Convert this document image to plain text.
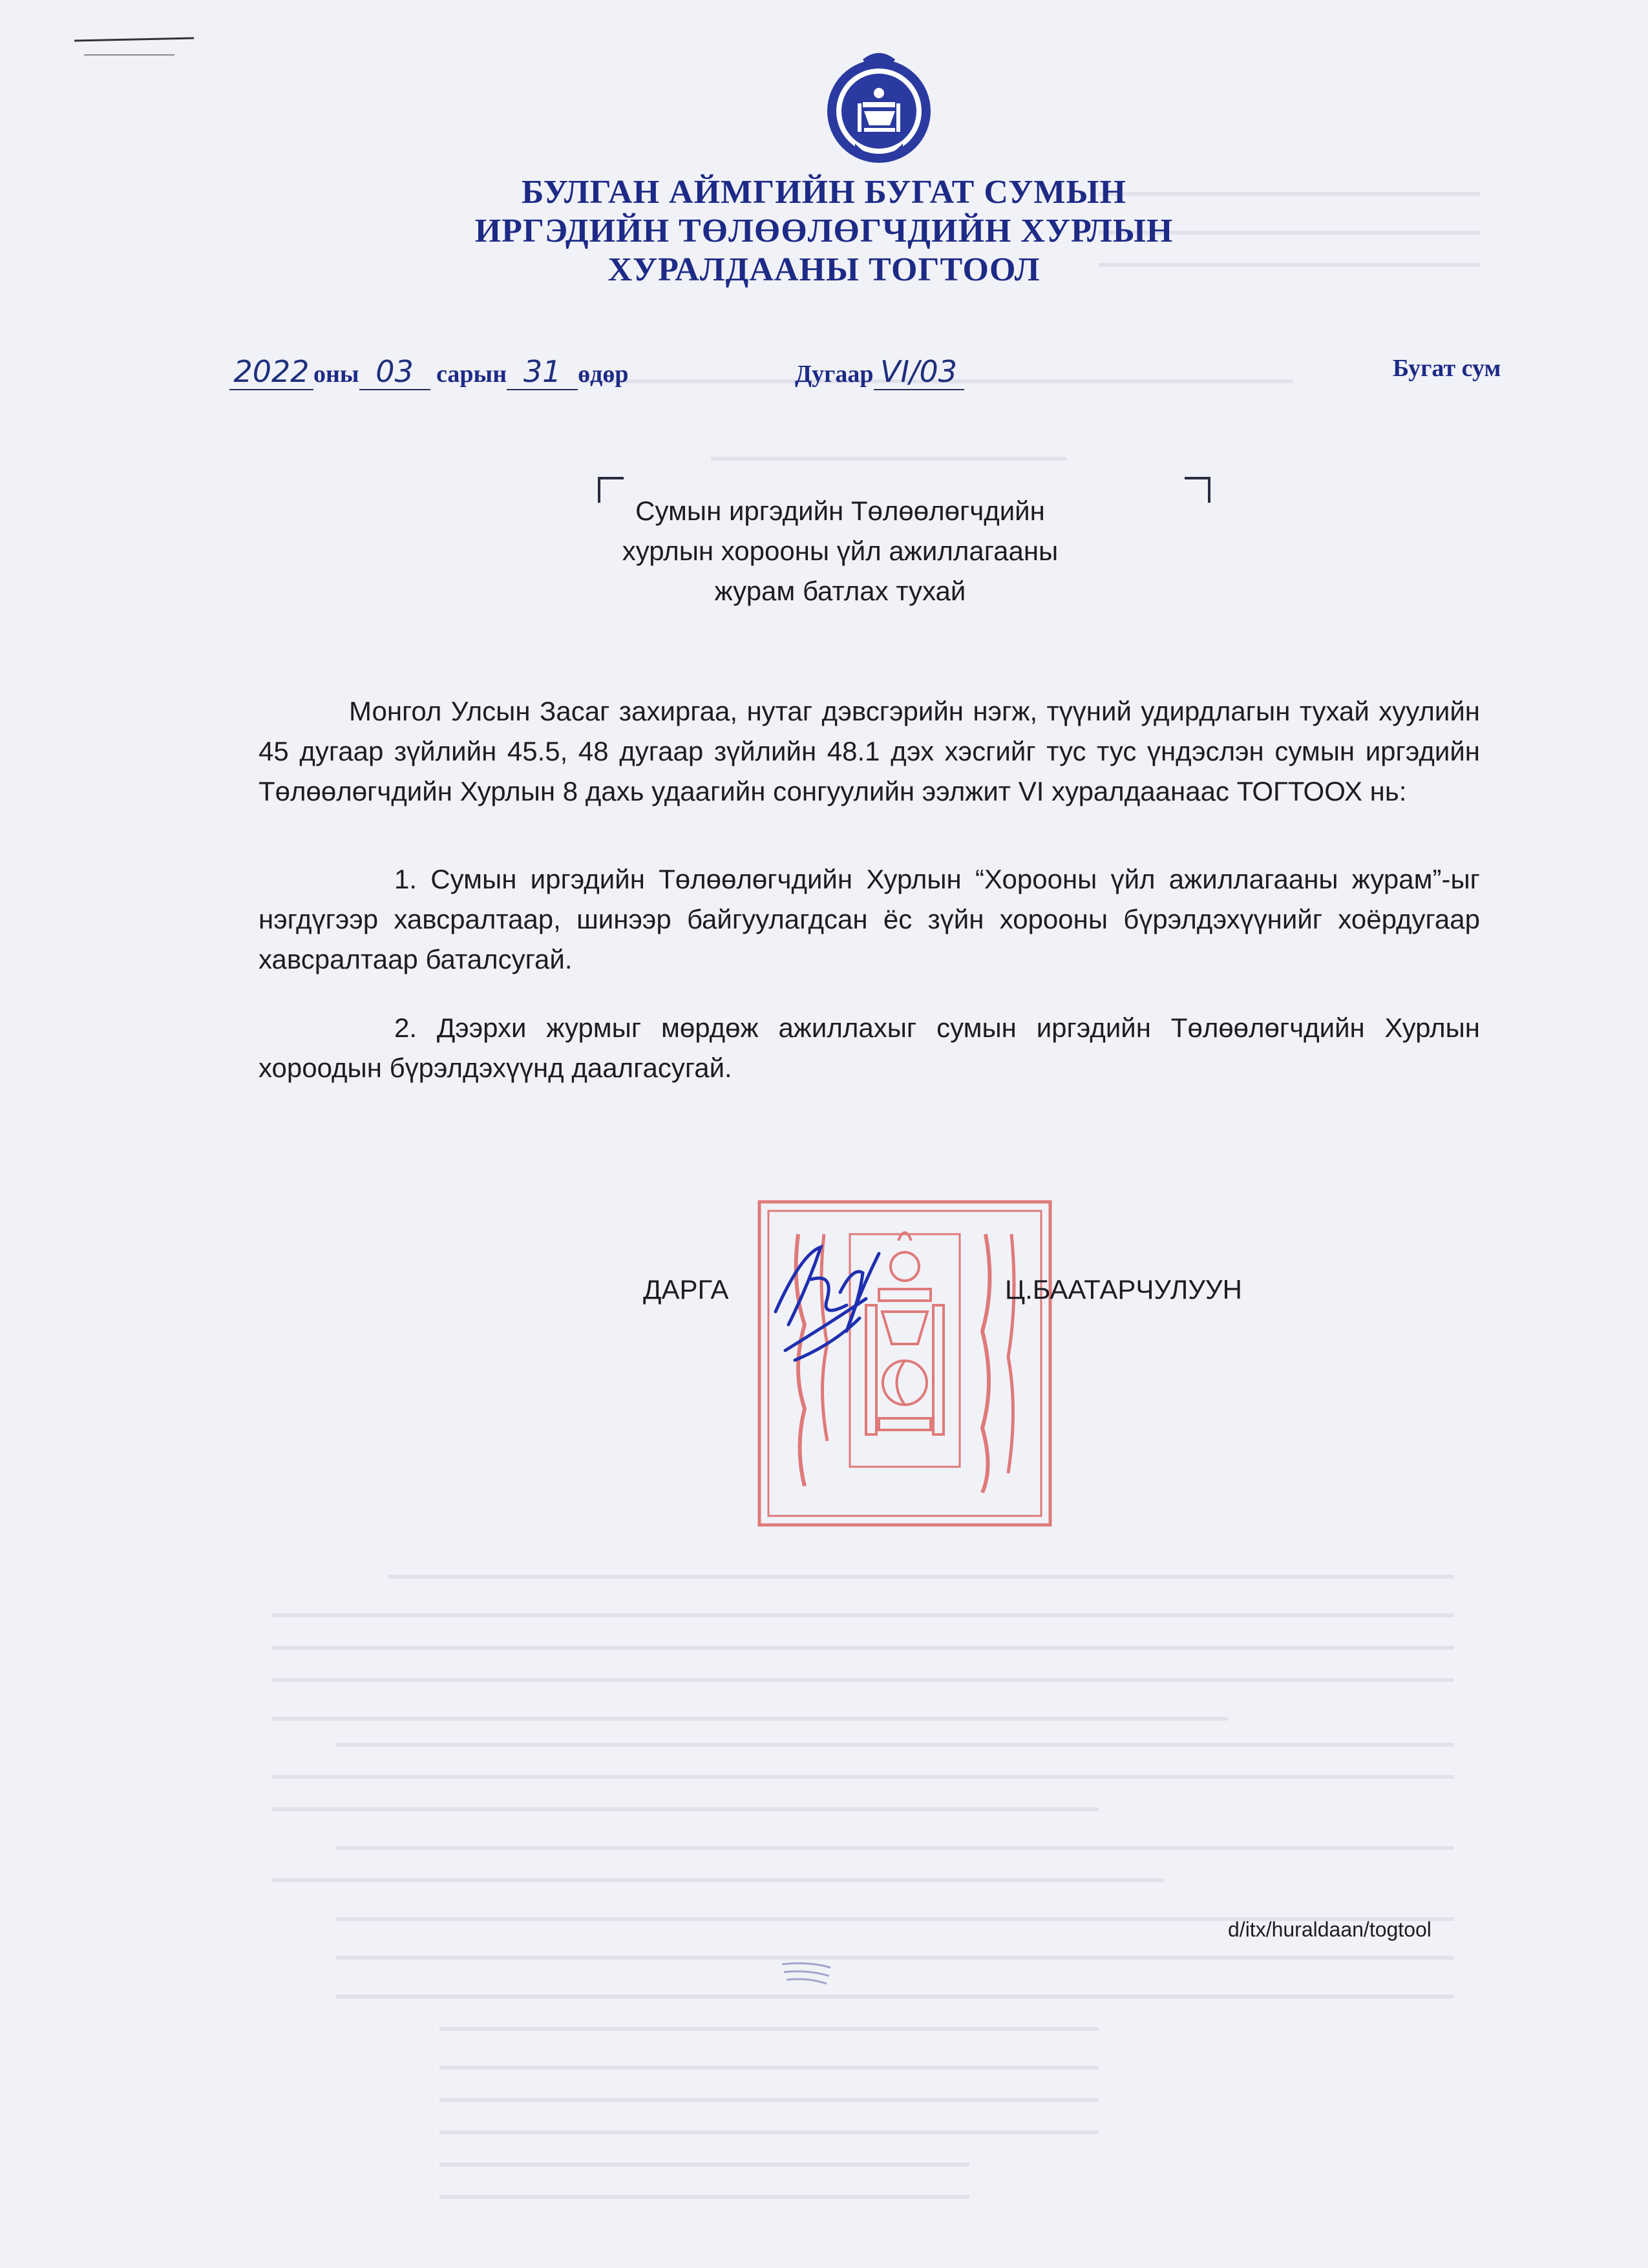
БУЛГАН АЙМГИЙН БУГАТ СУМЫН
ИРГЭДИЙН ТӨЛӨӨЛӨГЧДИЙН ХУРЛЫН
ХУРАЛДААНЫ ТОГТООЛ
2022 оны 03 сарын 31 өдөр	Дугаар VI/03	Бугат сум
Сумын иргэдийн Төлөөлөгчдийн
хурлын хорооны үйл ажиллагааны
журам батлах тухай
Монгол Улсын Засаг захиргаа, нутаг дэвсгэрийн нэгж, түүний удирдлагын тухай хуулийн 45 дугаар зүйлийн 45.5, 48 дугаар зүйлийн 48.1 дэх хэсгийг тус тус үндэслэн сумын иргэдийн Төлөөлөгчдийн Хурлын 8 дахь удаагийн сонгуулийн ээлжит VI хуралдаанаас ТОГТООХ нь:
1. Сумын иргэдийн Төлөөлөгчдийн Хурлын “Хорооны үйл ажиллагааны журам”-ыг нэгдүгээр хавсралтаар, шинээр байгуулагдсан ёс зүйн хорооны бүрэлдэхүүнийг хоёрдугаар хавсралтаар баталсугай.
2. Дээрхи журмыг мөрдөж ажиллахыг сумын иргэдийн Төлөөлөгчдийн Хурлын хороодын бүрэлдэхүүнд даалгасугай.
ДАРГА	Ц.БААТАРЧУЛУУН
d/itx/huraldaan/togtool
